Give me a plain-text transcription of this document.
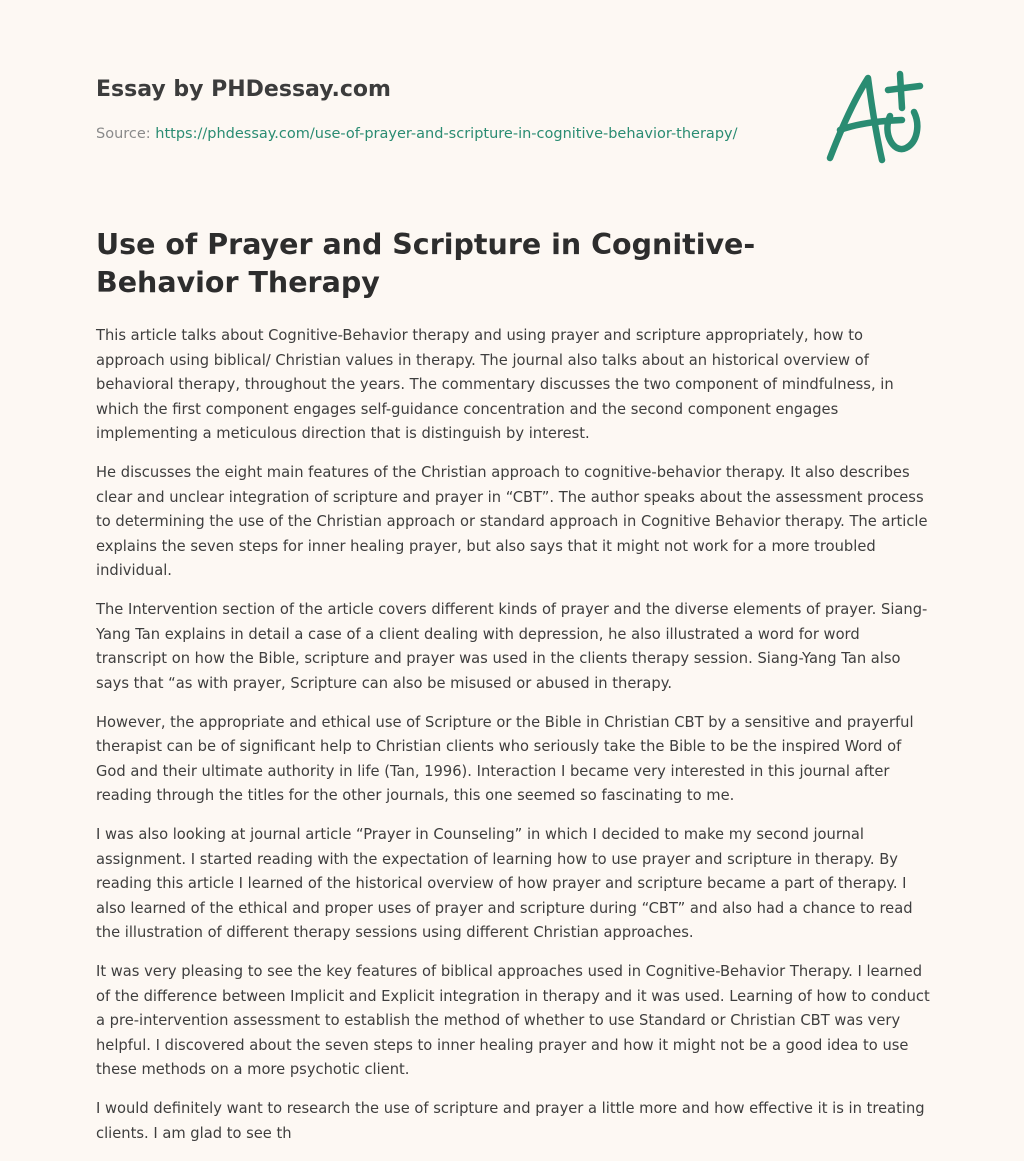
Essay by PHDessay.com
Source: https://phdessay.com/use-of-prayer-and-scripture-in-cognitive-behavior-therapy/
Use of Prayer and Scripture in Cognitive-Behavior Therapy

This article talks about Cognitive-Behavior therapy and using prayer and scripture appropriately, how to approach using biblical/ Christian values in therapy. The journal also talks about an historical overview of behavioral therapy, throughout the years. The commentary discusses the two component of mindfulness, in which the first component engages self-guidance concentration and the second component engages implementing a meticulous direction that is distinguish by interest.

He discusses the eight main features of the Christian approach to cognitive-behavior therapy. It also describes clear and unclear integration of scripture and prayer in “CBT”. The author speaks about the assessment process to determining the use of the Christian approach or standard approach in Cognitive Behavior therapy. The article explains the seven steps for inner healing prayer, but also says that it might not work for a more troubled individual.

The Intervention section of the article covers different kinds of prayer and the diverse elements of prayer. Siang-Yang Tan explains in detail a case of a client dealing with depression, he also illustrated a word for word transcript on how the Bible, scripture and prayer was used in the clients therapy session. Siang-Yang Tan also says that “as with prayer, Scripture can also be misused or abused in therapy.

However, the appropriate and ethical use of Scripture or the Bible in Christian CBT by a sensitive and prayerful therapist can be of significant help to Christian clients who seriously take the Bible to be the inspired Word of God and their ultimate authority in life (Tan, 1996). Interaction I became very interested in this journal after reading through the titles for the other journals, this one seemed so fascinating to me.

I was also looking at journal article “Prayer in Counseling” in which I decided to make my second journal assignment. I started reading with the expectation of learning how to use prayer and scripture in therapy. By reading this article I learned of the historical overview of how prayer and scripture became a part of therapy. I also learned of the ethical and proper uses of prayer and scripture during “CBT” and also had a chance to read the illustration of different therapy sessions using different Christian approaches.

It was very pleasing to see the key features of biblical approaches used in Cognitive-Behavior Therapy. I learned of the difference between Implicit and Explicit integration in therapy and it was used. Learning of how to conduct a pre-intervention assessment to establish the method of whether to use Standard or Christian CBT was very helpful. I discovered about the seven steps to inner healing prayer and how it might not be a good idea to use these methods on a more psychotic client.

I would definitely want to research the use of scripture and prayer a little more and how effective it is in treating clients. I am glad to see th
